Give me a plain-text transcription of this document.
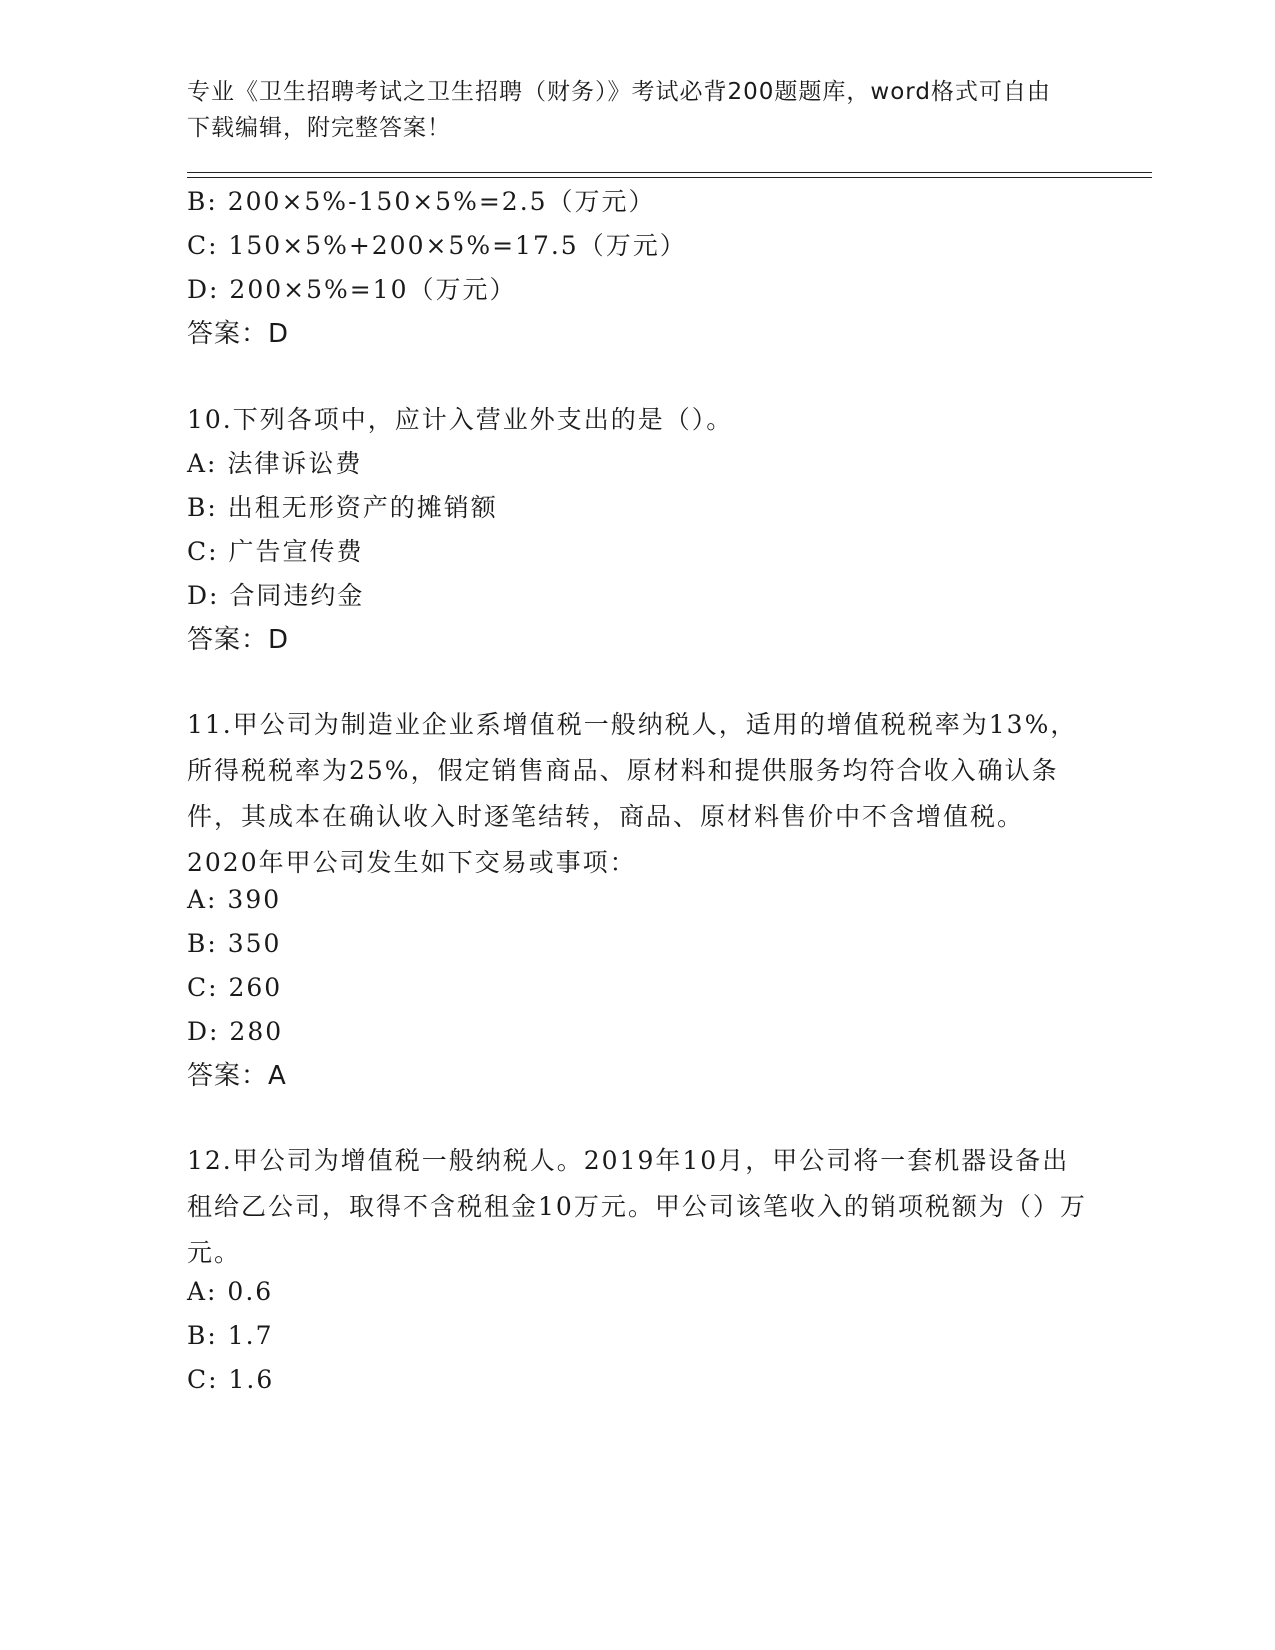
专业《卫生招聘考试之卫生招聘（财务）》考试必背200题题库，word格式可自由下载编辑，附完整答案！
B: 200×5%-150×5%=2.5（万元）
C: 150×5%+200×5%=17.5（万元）
D: 200×5%=10（万元）
答案：D
10.下列各项中，应计入营业外支出的是（）。
A: 法律诉讼费
B: 出租无形资产的摊销额
C: 广告宣传费
D: 合同违约金
答案：D
11.甲公司为制造业企业系增值税一般纳税人，适用的增值税税率为13%，所得税税率为25%，假定销售商品、原材料和提供服务均符合收入确认条件，其成本在确认收入时逐笔结转，商品、原材料售价中不含增值税。2020年甲公司发生如下交易或事项：
A: 390
B: 350
C: 260
D: 280
答案：A
12.甲公司为增值税一般纳税人。2019年10月，甲公司将一套机器设备出租给乙公司，取得不含税租金10万元。甲公司该笔收入的销项税额为（）万元。
A: 0.6
B: 1.7
C: 1.6
